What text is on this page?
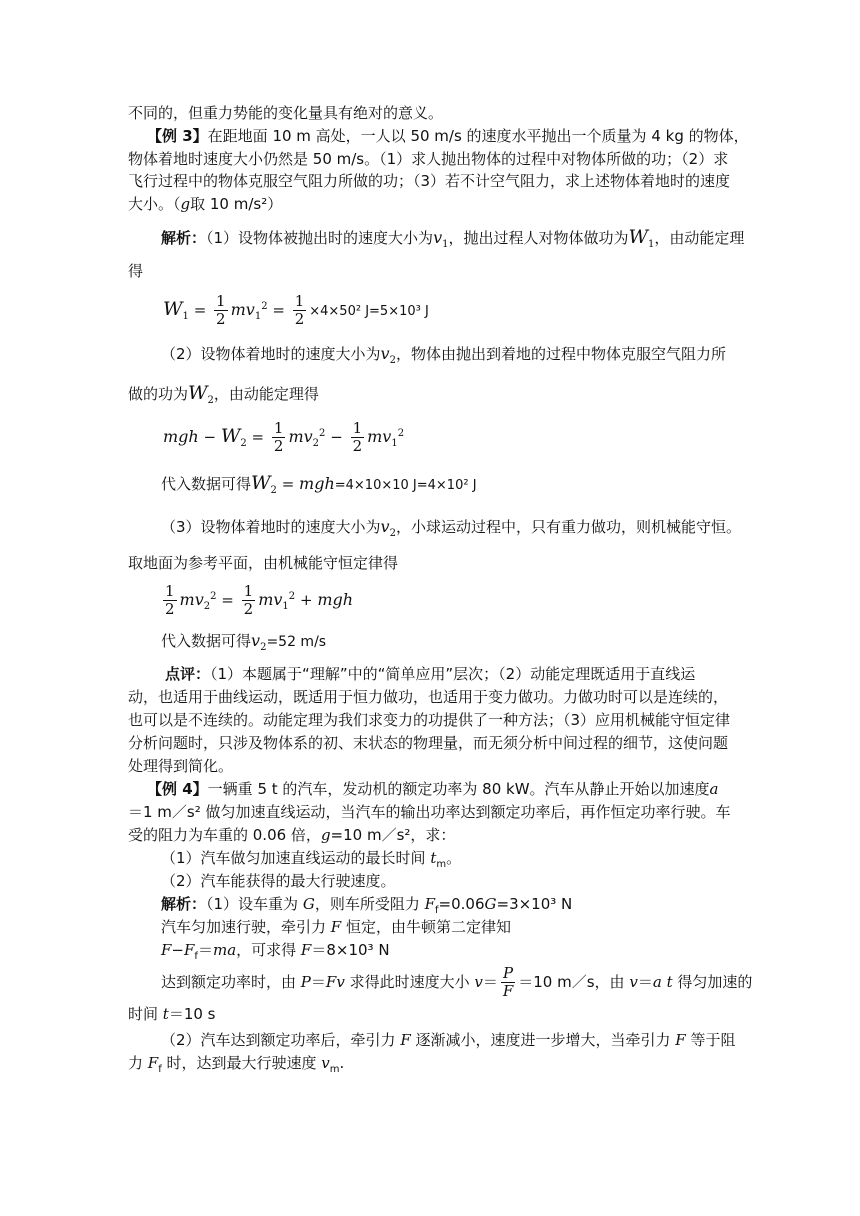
不同的，但重力势能的变化量具有绝对的意义。
【例 3】在距地面 10 m 高处，一人以 50 m/s 的速度水平抛出一个质量为 4 kg 的物体，
物体着地时速度大小仍然是 50 m/s。（1）求人抛出物体的过程中对物体所做的功；（2）求
飞行过程中的物体克服空气阻力所做的功；（3）若不计空气阻力，求上述物体着地时的速度
大小。（g取 10 m/s²）
解析：（1）设物体被抛出时的速度大小为$v_1$，抛出过程人对物体做功为$W_1$，由动能定理
得
$W_1 = \frac{1}{2} mv_1^2 = \frac{1}{2} \times 4\times 50^2$ J=5×10³ J
（2）设物体着地时的速度大小为$v_2$，物体由抛出到着地的过程中物体克服空气阻力所
做的功为$W_2$，由动能定理得
mgh − $W_2 = \frac{1}{2} mv_2^2 - \frac{1}{2} mv_1^2$
代入数据可得$W_2 = mgh=4\times 10\times 10$ J=4×10² J
（3）设物体着地时的速度大小为$v_2$，小球运动过程中，只有重力做功，则机械能守恒。
取地面为参考平面，由机械能守恒定律得
$\frac{1}{2} mv_2^2 = \frac{1}{2} mv_1^2$ + mgh
代入数据可得$v_2=52$ m/s
点评：（1）本题属于“理解”中的“简单应用”层次；（2）动能定理既适用于直线运
动，也适用于曲线运动，既适用于恒力做功，也适用于变力做功。力做功时可以是连续的，
也可以是不连续的。动能定理为我们求变力的功提供了一种方法；（3）应用机械能守恒定律
分析问题时，只涉及物体系的初、末状态的物理量，而无须分析中间过程的细节，这使问题
处理得到简化。
【例 4】一辆重 5 t 的汽车，发动机的额定功率为 80 kW。汽车从静止开始以加速度a
＝1 m／s² 做匀加速直线运动，当汽车的输出功率达到额定功率后，再作恒定功率行驶。车
受的阻力为车重的 0.06 倍，g=10 m／s²，求：
（1）汽车做匀加速直线运动的最长时间 $t_m$。
（2）汽车能获得的最大行驶速度。
解析：（1）设车重为 G，则车所受阻力 $F_f=0.06G=3\times 10^3$ N
汽车匀加速行驶，牵引力 F 恒定，由牛顿第二定律知
$F-F_f=ma$，可求得 F＝8×10³ N
达到额定功率时，由 P＝Fv 求得此时速度大小 $v= \frac{P}{F} =10$ m／s，由 v＝a t 得匀加速的
时间 t＝10 s
（2）汽车达到额定功率后，牵引力 F 逐渐减小，速度进一步增大，当牵引力 F 等于阻
力 $F_f$ 时，达到最大行驶速度 $v_m$.
